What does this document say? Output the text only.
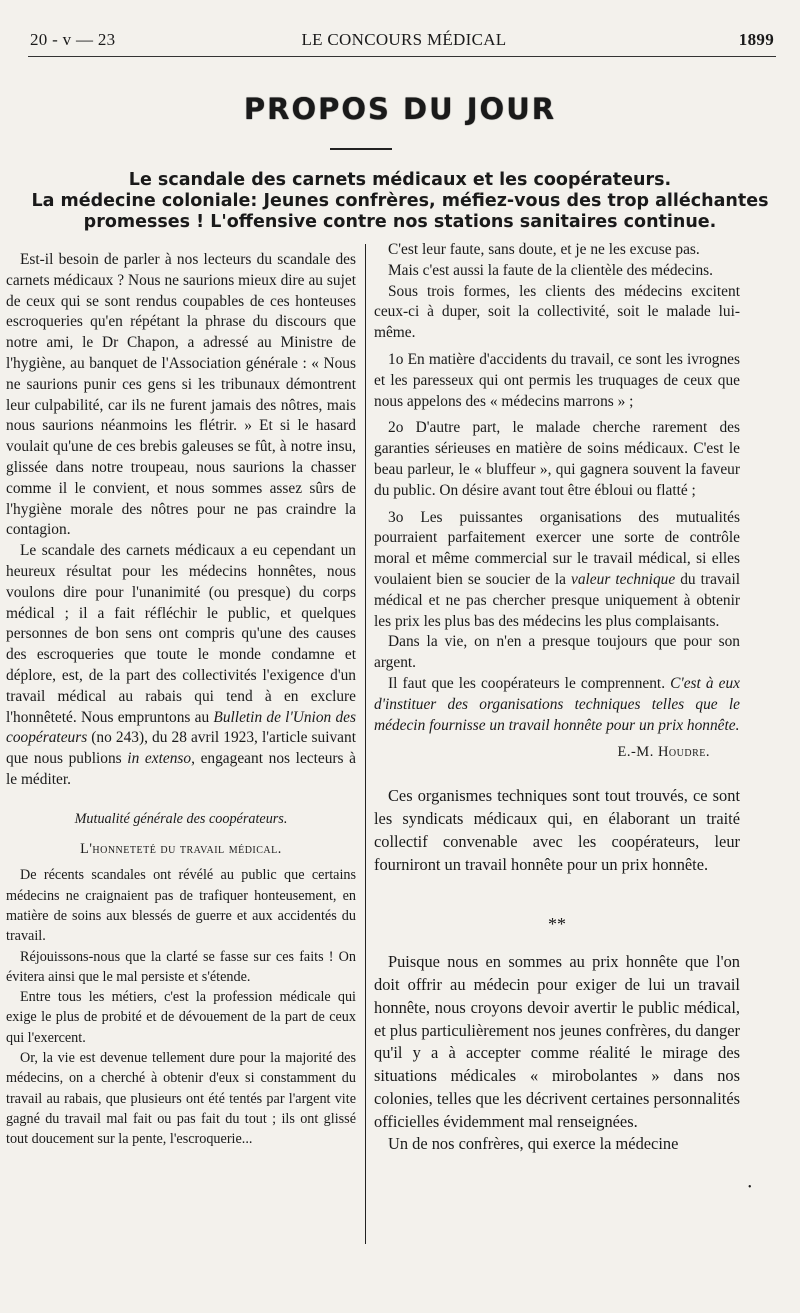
20 - v — 23	LE CONCOURS MÉDICAL	1899
PROPOS DU JOUR
Le scandale des carnets médicaux et les coopérateurs.
La médecine coloniale: Jeunes confrères, méfiez-vous des trop alléchantes
promesses ! L'offensive contre nos stations sanitaires continue.

Est-il besoin de parler à nos lecteurs du scandale des carnets médicaux ? Nous ne saurions mieux dire au sujet de ceux qui se sont rendus coupables de ces honteuses escroqueries qu'en répétant la phrase du discours que notre ami, le Dr Chapon, a adressé au Ministre de l'hygiène, au banquet de l'Association générale : « Nous ne saurions punir ces gens si les tribunaux démontrent leur culpabilité, car ils ne furent jamais des nôtres, mais nous saurions néanmoins les flétrir. » Et si le hasard voulait qu'une de ces brebis galeuses se fût, à notre insu, glissée dans notre troupeau, nous saurions la chasser comme il le convient, et nous sommes assez sûrs de l'hygiène morale des nôtres pour ne pas craindre la contagion.

Le scandale des carnets médicaux a eu cependant un heureux résultat pour les médecins honnêtes, nous voulons dire pour l'unanimité (ou presque) du corps médical ; il a fait réfléchir le public, et quelques personnes de bon sens ont compris qu'une des causes des escroqueries que toute le monde condamne et déplore, est, de la part des collectivités l'exigence d'un travail médical au rabais qui tend à en exclure l'honnêteté. Nous empruntons au Bulletin de l'Union des coopérateurs (no 243), du 28 avril 1923, l'article suivant que nous publions in extenso, engageant nos lecteurs à le méditer.

Mutualité générale des coopérateurs.

L'honneteté du travail médical.

De récents scandales ont révélé au public que certains médecins ne craignaient pas de trafiquer honteusement, en matière de soins aux blessés de guerre et aux accidentés du travail.

Réjouissons-nous que la clarté se fasse sur ces faits ! On évitera ainsi que le mal persiste et s'étende.

Entre tous les métiers, c'est la profession médicale qui exige le plus de probité et de dévouement de la part de ceux qui l'exercent.

Or, la vie est devenue tellement dure pour la majorité des médecins, on a cherché à obtenir d'eux si constamment du travail au rabais, que plusieurs ont été tentés par l'argent vite gagné du travail mal fait ou pas fait du tout ; ils ont glissé tout doucement sur la pente, l'escroquerie...

C'est leur faute, sans doute, et je ne les excuse pas.

Mais c'est aussi la faute de la clientèle des médecins.

Sous trois formes, les clients des médecins excitent ceux-ci à duper, soit la collectivité, soit le malade lui-même.

1o En matière d'accidents du travail, ce sont les ivrognes et les paresseux qui ont permis les truquages de ceux que nous appelons des « médecins marrons » ;

2o D'autre part, le malade cherche rarement des garanties sérieuses en matière de soins médicaux. C'est le beau parleur, le « bluffeur », qui gagnera souvent la faveur du public. On désire avant tout être ébloui ou flatté ;

3o Les puissantes organisations des mutualités pourraient parfaitement exercer une sorte de contrôle moral et même commercial sur le travail médical, si elles voulaient bien se soucier de la valeur technique du travail médical et ne pas chercher presque uniquement à obtenir les prix les plus bas des médecins les plus complaisants.

Dans la vie, on n'en a presque toujours que pour son argent.

Il faut que les coopérateurs le comprennent. C'est à eux d'instituer des organisations techniques telles que le médecin fournisse un travail honnête pour un prix honnête.

E.-M. Houdre.

Ces organismes techniques sont tout trouvés, ce sont les syndicats médicaux qui, en élaborant un traité collectif convenable avec les coopérateurs, leur fourniront un travail honnête pour un prix honnête.

**

Puisque nous en sommes au prix honnête que l'on doit offrir au médecin pour exiger de lui un travail honnête, nous croyons devoir avertir le public médical, et plus particulièrement nos jeunes confrères, du danger qu'il y a à accepter comme réalité le mirage des situations médicales « mirobolantes » dans nos colonies, telles que les décrivent certaines personnalités officielles évidemment mal renseignées.

Un de nos confrères, qui exerce la médecine

•
